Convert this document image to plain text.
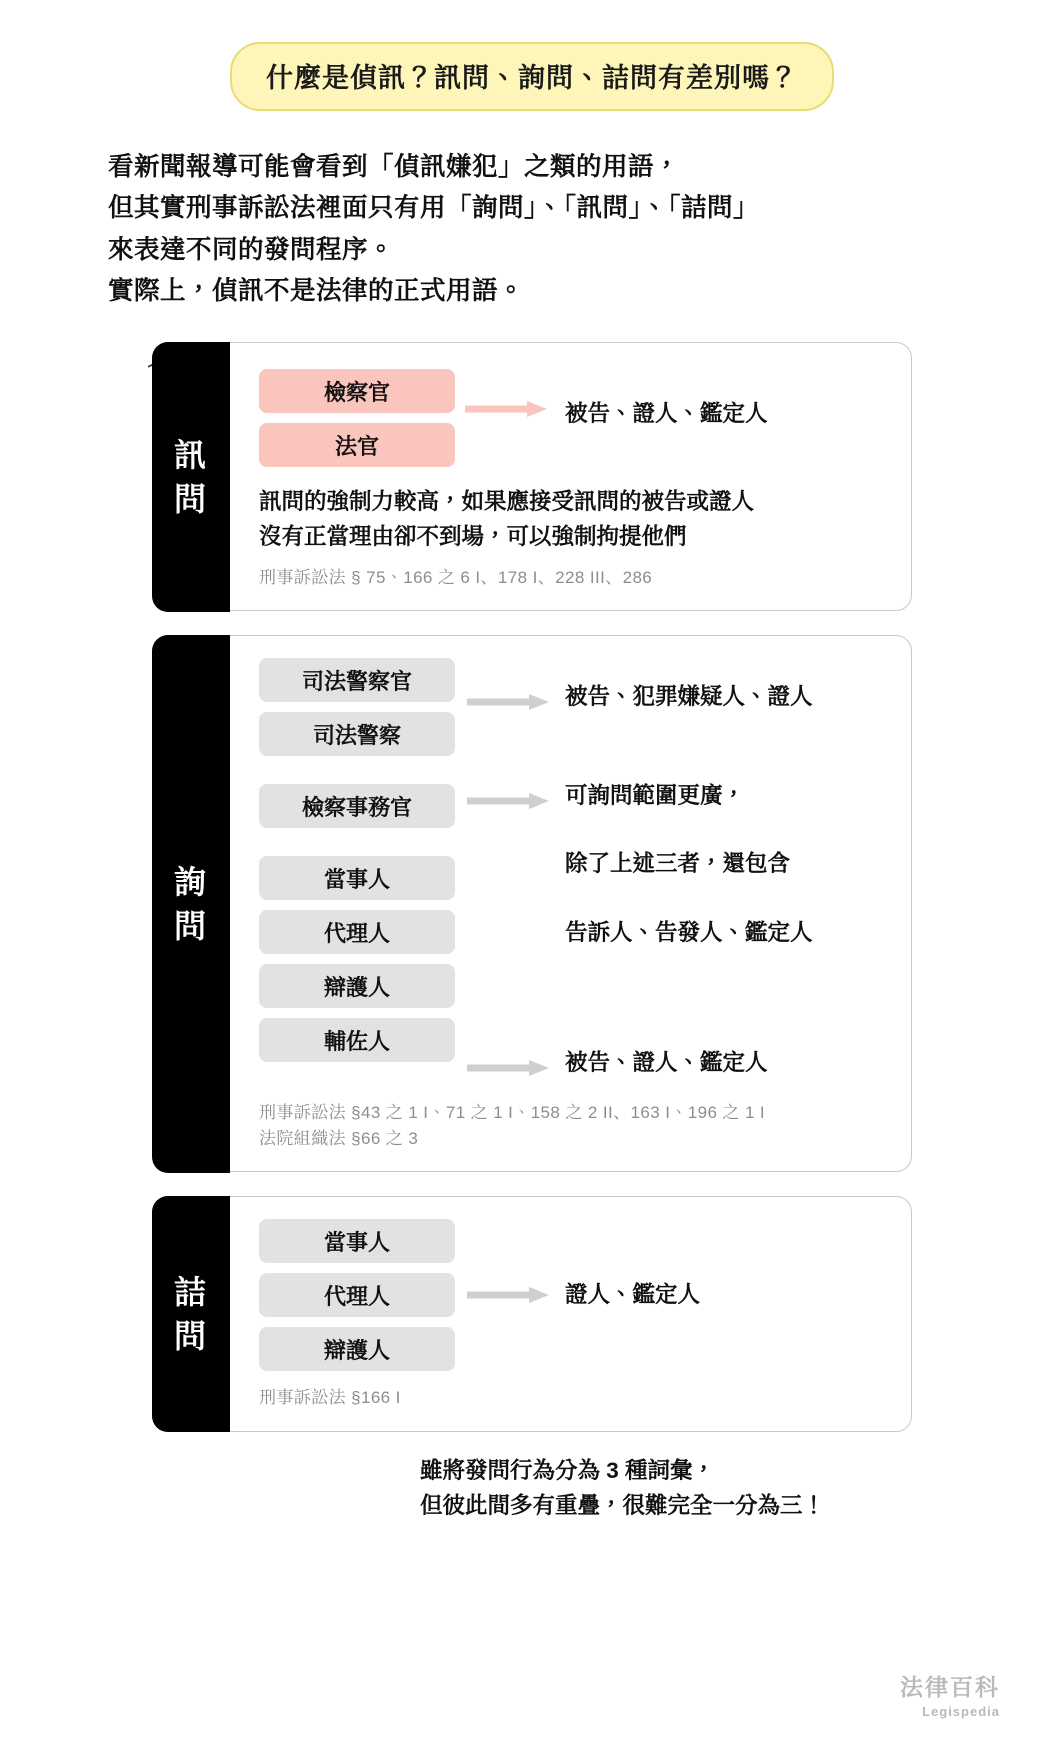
什麼是偵訊？訊問、詢問、詰問有差別嗎？

看新聞報導可能會看到「偵訊嫌犯」之類的用語，

但其實刑事訴訟法裡面只有用「詢問」、「訊問」、「詰問」

來表達不同的發問程序。

實際上，偵訊不是法律的正式用語。

訊
問
檢察官
法官
被告、證人、鑑定人
訊問的強制力較高，如果應接受訊問的被告或證人
沒有正當理由卻不到場，可以強制拘提他們
刑事訴訟法 § 75、166 之 6 I、178 I、228 III、286
詢
問
司法警察官
司法警察
檢察事務官
當事人
代理人
辯護人
輔佐人
被告、犯罪嫌疑人、證人

可詢問範圍更廣，

除了上述三者，還包含

告訴人、告發人、鑑定人

被告、證人、鑑定人
刑事訴訟法 §43 之 1 I、71 之 1 I、158 之 2 II、163 I、196 之 1 I
法院組織法 §66 之 3
詰
問
當事人
代理人
辯護人
證人、鑑定人
刑事訴訟法 §166 I
雖將發問行為分為 3 種詞彙，
但彼此間多有重疊，很難完全一分為三！
法律百科
Legispedia
